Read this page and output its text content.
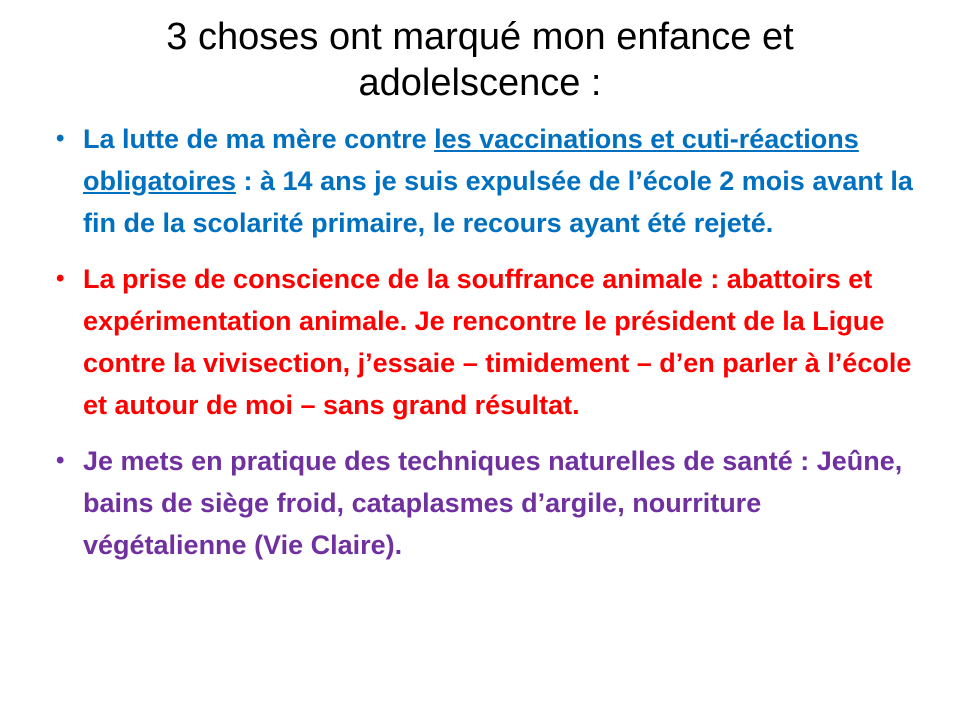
3 choses ont marqué mon enfance et
adolelscence :
• La lutte de ma mère contre les vaccinations et cuti-réactions obligatoires : à 14 ans je suis expulsée de l’école 2 mois avant la fin de la scolarité primaire, le recours ayant été rejeté.
• La prise de conscience de la souffrance animale : abattoirs et expérimentation animale. Je rencontre le président de la Ligue contre la vivisection, j’essaie – timidement – d’en parler à l’école et autour de moi – sans grand résultat.
• Je mets en pratique des techniques naturelles de santé : Jeûne, bains de siège froid, cataplasmes d’argile, nourriture végétalienne (Vie Claire).
